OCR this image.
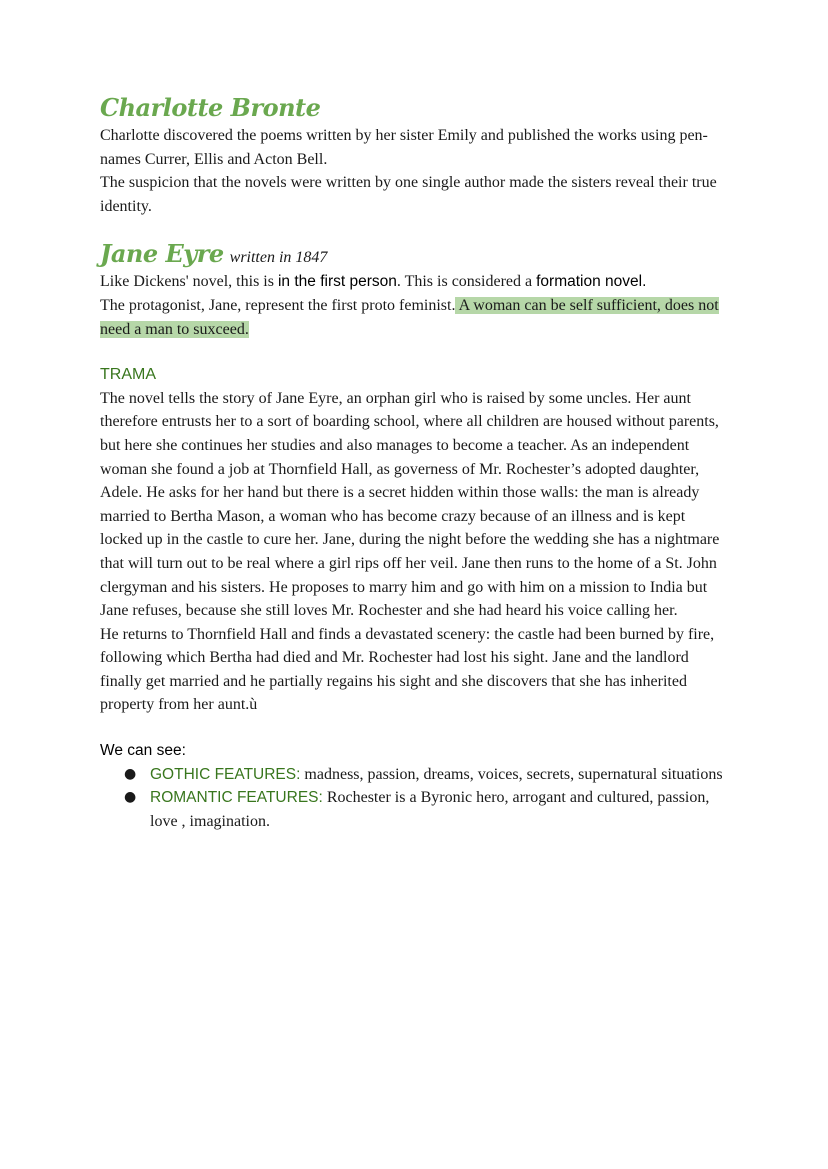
Charlotte Bronte

Charlotte discovered the poems written by her sister Emily and published the works using pen-names Currer, Ellis and Acton Bell.

The suspicion that the novels were written by one single author made the sisters reveal their true identity.

Jane Eyre written in 1847

Like Dickens' novel, this is in the first person. This is considered a formation novel.

The protagonist, Jane, represent the first proto feminist. A woman can be self sufficient, does not need a man to suxceed.

TRAMA

The novel tells the story of Jane Eyre, an orphan girl who is raised by some uncles. Her aunt therefore entrusts her to a sort of boarding school, where all children are housed without parents, but here she continues her studies and also manages to become a teacher. As an independent woman she found a job at Thornfield Hall, as governess of Mr. Rochester’s adopted daughter, Adele. He asks for her hand but there is a secret hidden within those walls: the man is already married to Bertha Mason, a woman who has become crazy because of an illness and is kept locked up in the castle to cure her. Jane, during the night before the wedding she has a nightmare that will turn out to be real where a girl rips off her veil. Jane then runs to the home of a St. John clergyman and his sisters. He proposes to marry him and go with him on a mission to India but Jane refuses, because she still loves Mr. Rochester and she had heard his voice calling her.

He returns to Thornfield Hall and finds a devastated scenery: the castle had been burned by fire, following which Bertha had died and Mr. Rochester had lost his sight. Jane and the landlord finally get married and he partially regains his sight and she discovers that she has inherited property from her aunt.ù

We can see:
● GOTHIC FEATURES: madness, passion, dreams, voices, secrets, supernatural situations
● ROMANTIC FEATURES: Rochester is a Byronic hero, arrogant and cultured, passion, love , imagination.
